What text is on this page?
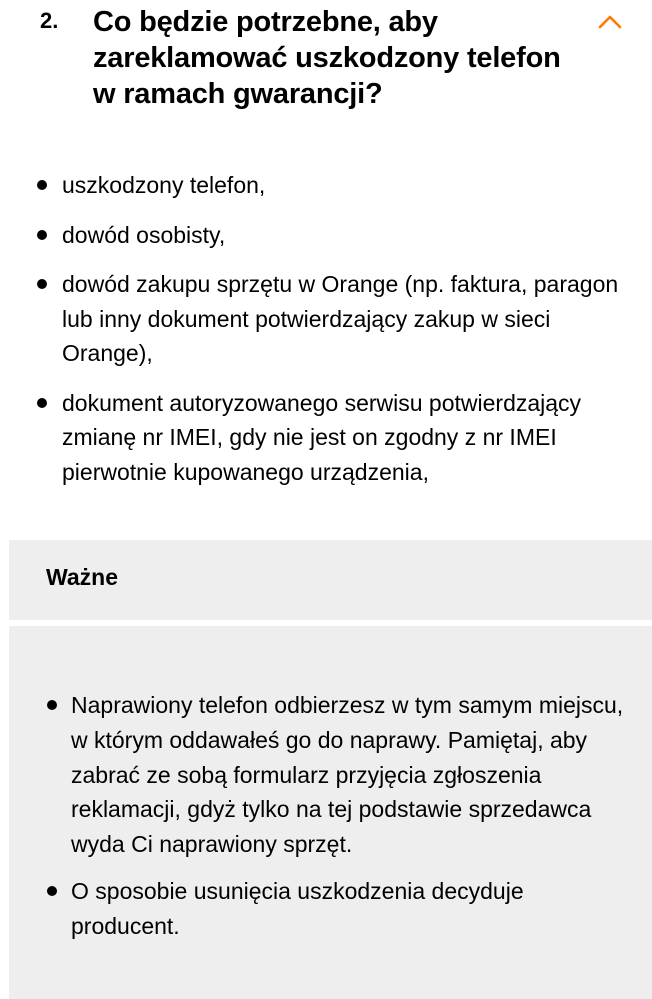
2. Co będzie potrzebne, aby zareklamować uszkodzony telefon w ramach gwarancji?
uszkodzony telefon,
dowód osobisty,
dowód zakupu sprzętu w Orange (np. faktura, paragon lub inny dokument potwierdzający zakup w sieci Orange),
dokument autoryzowanego serwisu potwierdzający zmianę nr IMEI, gdy nie jest on zgodny z nr IMEI pierwotnie kupowanego urządzenia,
Ważne
Naprawiony telefon odbierzesz w tym samym miejscu, w którym oddawałeś go do naprawy. Pamiętaj, aby zabrać ze sobą formularz przyjęcia zgłoszenia reklamacji, gdyż tylko na tej podstawie sprzedawca wyda Ci naprawiony sprzęt.
O sposobie usunięcia uszkodzenia decyduje producent.
